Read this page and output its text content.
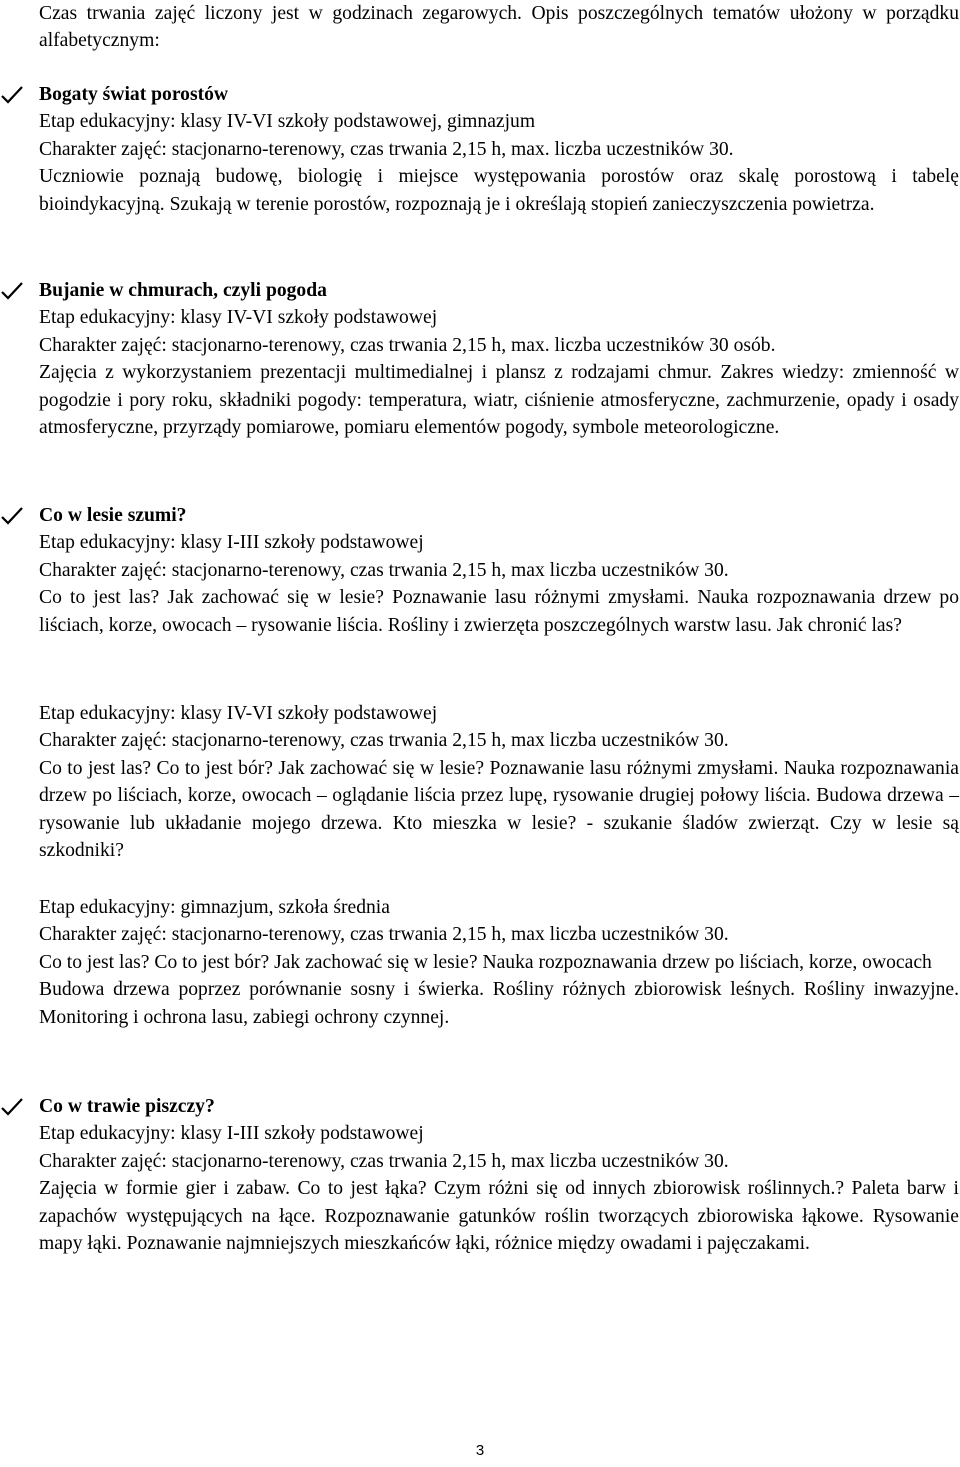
Czas trwania zajęć liczony jest w godzinach zegarowych. Opis poszczególnych tematów ułożony w porządku alfabetycznym:

Bogaty świat porostów
Etap edukacyjny: klasy IV-VI szkoły podstawowej, gimnazjum
Charakter zajęć: stacjonarno-terenowy, czas trwania 2,15 h, max. liczba uczestników 30.

Uczniowie poznają budowę, biologię i miejsce występowania porostów oraz skalę porostową i tabelę bioindykacyjną. Szukają w terenie porostów, rozpoznają je i określają stopień zanieczyszczenia powietrza.

Bujanie w chmurach, czyli pogoda
Etap edukacyjny: klasy IV-VI szkoły podstawowej
Charakter zajęć: stacjonarno-terenowy, czas trwania 2,15 h, max. liczba uczestników 30 osób.

Zajęcia z wykorzystaniem prezentacji multimedialnej i plansz z rodzajami chmur. Zakres wiedzy: zmienność w pogodzie i pory roku, składniki pogody: temperatura, wiatr, ciśnienie atmosferyczne, zachmurzenie, opady i osady atmosferyczne, przyrządy pomiarowe, pomiaru elementów pogody, symbole meteorologiczne.

Co w lesie szumi?
Etap edukacyjny: klasy I-III szkoły podstawowej
Charakter zajęć: stacjonarno-terenowy, czas trwania 2,15 h, max liczba uczestników 30.

Co to jest las? Jak zachować się w lesie? Poznawanie lasu różnymi zmysłami. Nauka rozpoznawania drzew po liściach, korze, owocach – rysowanie liścia. Rośliny i zwierzęta poszczególnych warstw lasu. Jak chronić las?

Etap edukacyjny: klasy IV-VI szkoły podstawowej
Charakter zajęć: stacjonarno-terenowy, czas trwania 2,15 h, max liczba uczestników 30.

Co to jest las? Co to jest bór? Jak zachować się w lesie? Poznawanie lasu różnymi zmysłami. Nauka rozpoznawania drzew po liściach, korze, owocach – oglądanie liścia przez lupę, rysowanie drugiej połowy liścia. Budowa drzewa – rysowanie lub układanie mojego drzewa. Kto mieszka w lesie? - szukanie śladów zwierząt. Czy w lesie są szkodniki?

Etap edukacyjny: gimnazjum, szkoła średnia
Charakter zajęć: stacjonarno-terenowy, czas trwania 2,15 h, max liczba uczestników 30.

Co to jest las? Co to jest bór? Jak zachować się w lesie? Nauka rozpoznawania drzew po liściach, korze, owocach

Budowa drzewa poprzez porównanie sosny i świerka. Rośliny różnych zbiorowisk leśnych. Rośliny inwazyjne. Monitoring i ochrona lasu, zabiegi ochrony czynnej.

Co w trawie piszczy?
Etap edukacyjny: klasy I-III szkoły podstawowej
Charakter zajęć: stacjonarno-terenowy, czas trwania 2,15 h, max liczba uczestników 30.

Zajęcia w formie gier i zabaw. Co to jest łąka? Czym różni się od innych zbiorowisk roślinnych.? Paleta barw i zapachów występujących na łące. Rozpoznawanie gatunków roślin tworzących zbiorowiska łąkowe. Rysowanie mapy łąki. Poznawanie najmniejszych mieszkańców łąki, różnice między owadami i pajęczakami.

3
